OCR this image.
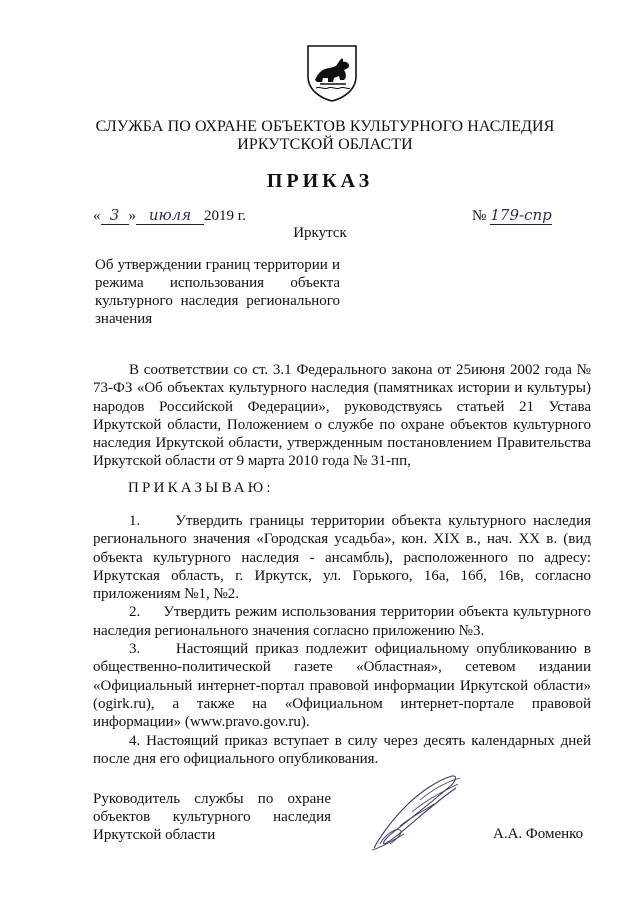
СЛУЖБА ПО ОХРАНЕ ОБЪЕКТОВ КУЛЬТУРНОГО НАСЛЕДИЯ
ИРКУТСКОЙ ОБЛАСТИ
ПРИКАЗ
« 3 » июля 2019 г.	№ 179-спр
Иркутск
Об утверждении границ территории и режима использования объекта культурного наследия регионального значения
В соответствии со ст. 3.1 Федерального закона от 25июня 2002 года № 73-ФЗ «Об объектах культурного наследия (памятниках истории и культуры) народов Российской Федерации», руководствуясь статьей 21 Устава Иркутской области, Положением о службе по охране объектов культурного наследия Иркутской области, утвержденным постановлением Правительства Иркутской области от 9 марта 2010 года № 31-пп,
ПРИКАЗЫВАЮ:
1.     Утвердить границы территории объекта культурного наследия регионального значения «Городская усадьба», кон. XIX в., нач. XX в. (вид объекта культурного наследия - ансамбль), расположенного по адресу: Иркутская область, г. Иркутск, ул. Горького, 16а, 16б, 16в, согласно приложениям №1, №2.
2.     Утвердить режим использования территории объекта культурного наследия регионального значения согласно приложению №3.
3.     Настоящий приказ подлежит официальному опубликованию в общественно-политической газете «Областная», сетевом издании «Официальный интернет-портал правовой информации Иркутской области» (ogirk.ru), а также на «Официальном интернет-портале правовой информации» (www.pravo.gov.ru).
4. Настоящий приказ вступает в силу через десять календарных дней после дня его официального опубликования.
Руководитель службы по охране объектов культурного наследия Иркутской области	А.А. Фоменко
